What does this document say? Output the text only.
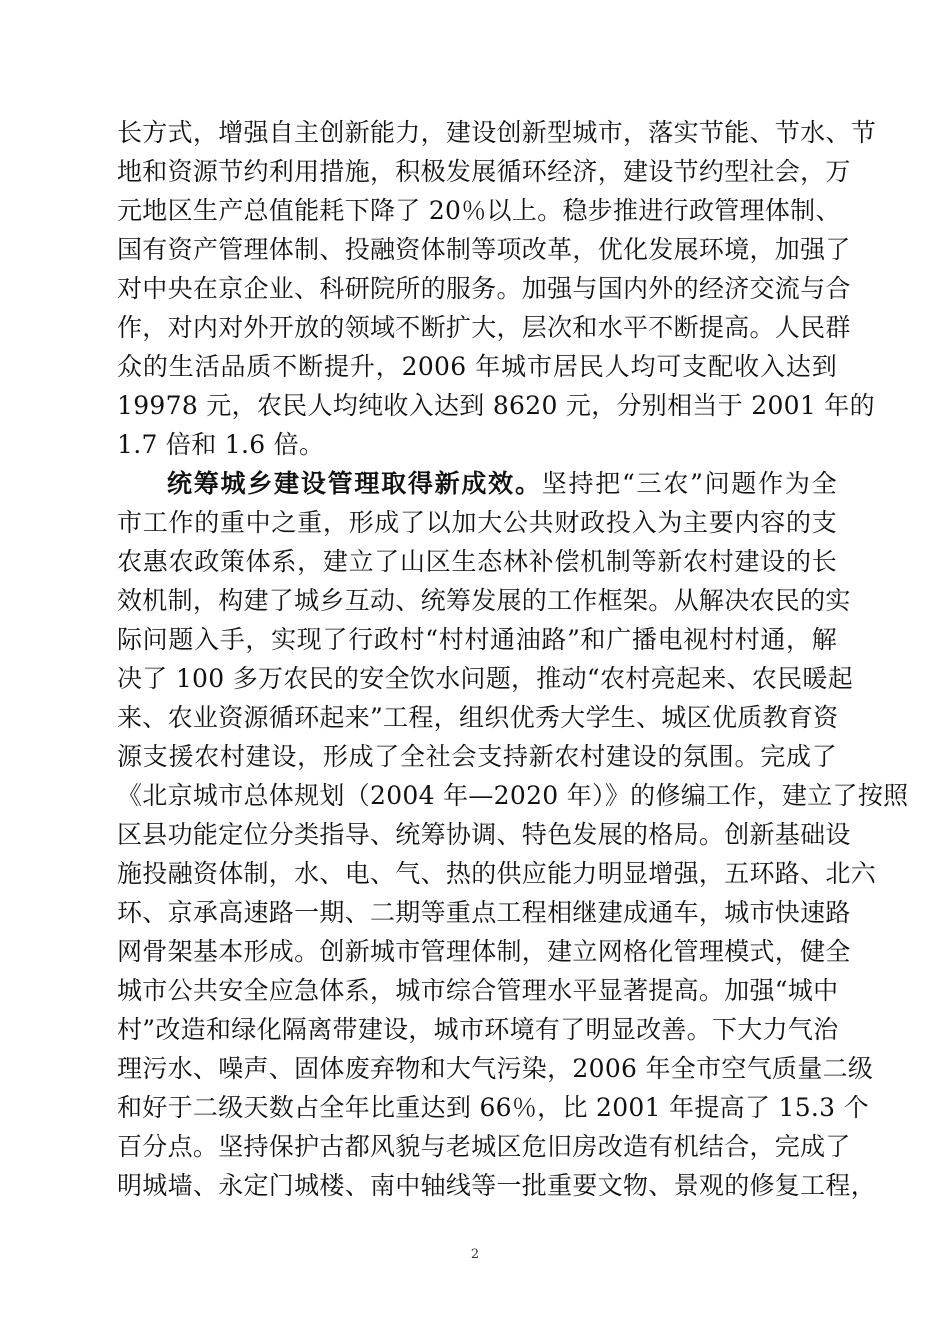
长方式，增强自主创新能力，建设创新型城市，落实节能、节水、节
地和资源节约利用措施，积极发展循环经济，建设节约型社会，万
元地区生产总值能耗下降了 20％以上。稳步推进行政管理体制、
国有资产管理体制、投融资体制等项改革，优化发展环境，加强了
对中央在京企业、科研院所的服务。加强与国内外的经济交流与合
作，对内对外开放的领域不断扩大，层次和水平不断提高。人民群
众的生活品质不断提升，2006 年城市居民人均可支配收入达到
19978 元，农民人均纯收入达到 8620 元，分别相当于 2001 年的
1.7 倍和 1.6 倍。
统筹城乡建设管理取得新成效。坚持把“三农”问题作为全
市工作的重中之重，形成了以加大公共财政投入为主要内容的支
农惠农政策体系，建立了山区生态林补偿机制等新农村建设的长
效机制，构建了城乡互动、统筹发展的工作框架。从解决农民的实
际问题入手，实现了行政村“村村通油路”和广播电视村村通，解
决了 100 多万农民的安全饮水问题，推动“农村亮起来、农民暖起
来、农业资源循环起来”工程，组织优秀大学生、城区优质教育资
源支援农村建设，形成了全社会支持新农村建设的氛围。完成了
《北京城市总体规划（2004 年—2020 年）》的修编工作，建立了按照
区县功能定位分类指导、统筹协调、特色发展的格局。创新基础设
施投融资体制，水、电、气、热的供应能力明显增强，五环路、北六
环、京承高速路一期、二期等重点工程相继建成通车，城市快速路
网骨架基本形成。创新城市管理体制，建立网格化管理模式，健全
城市公共安全应急体系，城市综合管理水平显著提高。加强“城中
村”改造和绿化隔离带建设，城市环境有了明显改善。下大力气治
理污水、噪声、固体废弃物和大气污染，2006 年全市空气质量二级
和好于二级天数占全年比重达到 66％，比 2001 年提高了 15.3 个
百分点。坚持保护古都风貌与老城区危旧房改造有机结合，完成了
明城墙、永定门城楼、南中轴线等一批重要文物、景观的修复工程，
2
